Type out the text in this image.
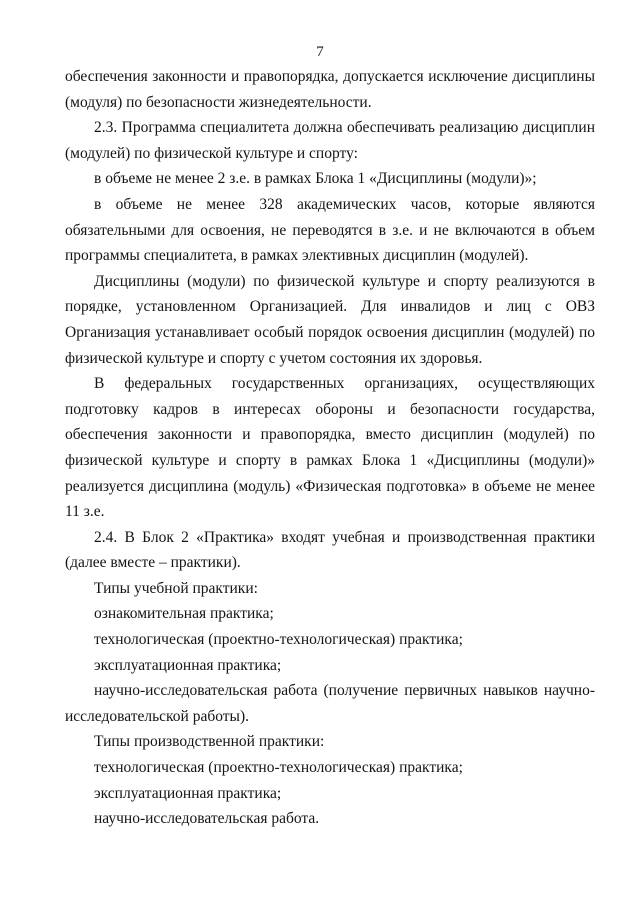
7

обеспечения законности и правопорядка, допускается исключение дисциплины (модуля) по безопасности жизнедеятельности.

2.3. Программа специалитета должна обеспечивать реализацию дисциплин (модулей) по физической культуре и спорту:

в объеме не менее 2 з.е. в рамках Блока 1 «Дисциплины (модули)»;

в объеме не менее 328 академических часов, которые являются обязательными для освоения, не переводятся в з.е. и не включаются в объем программы специалитета, в рамках элективных дисциплин (модулей).

Дисциплины (модули) по физической культуре и спорту реализуются в порядке, установленном Организацией. Для инвалидов и лиц с ОВЗ Организация устанавливает особый порядок освоения дисциплин (модулей) по физической культуре и спорту с учетом состояния их здоровья.

В федеральных государственных организациях, осуществляющих подготовку кадров в интересах обороны и безопасности государства, обеспечения законности и правопорядка, вместо дисциплин (модулей) по физической культуре и спорту в рамках Блока 1 «Дисциплины (модули)» реализуется дисциплина (модуль) «Физическая подготовка» в объеме не менее 11 з.е.

2.4. В Блок 2 «Практика» входят учебная и производственная практики (далее вместе – практики).

Типы учебной практики:

ознакомительная практика;

технологическая (проектно-технологическая) практика;

эксплуатационная практика;

научно-исследовательская работа (получение первичных навыков научно-исследовательской работы).

Типы производственной практики:

технологическая (проектно-технологическая) практика;

эксплуатационная практика;

научно-исследовательская работа.
